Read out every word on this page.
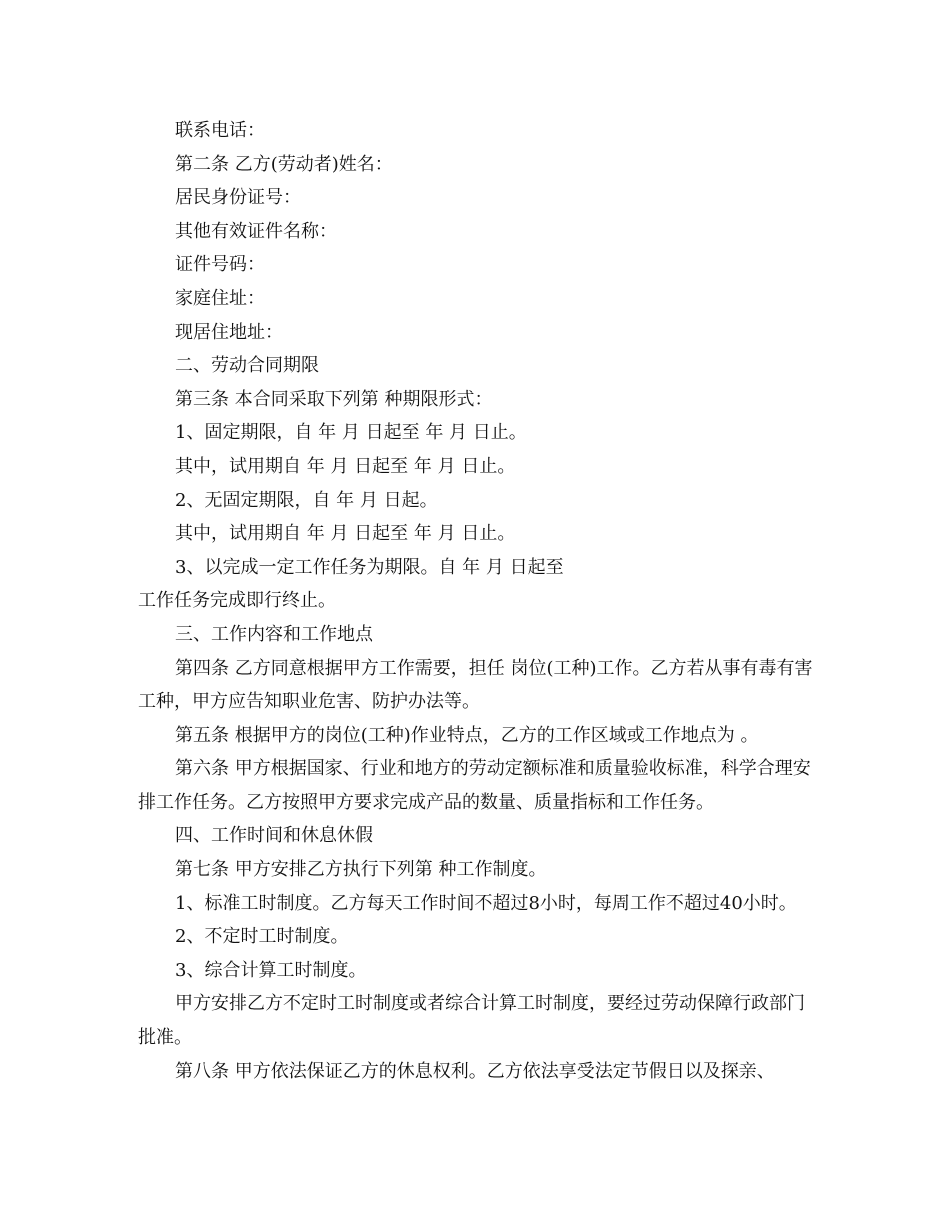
联系电话：

第二条 乙方(劳动者)姓名：

居民身份证号：

其他有效证件名称：

证件号码：

家庭住址：

现居住地址：

二、劳动合同期限

第三条 本合同采取下列第 种期限形式：

1、固定期限，自 年 月 日起至 年 月 日止。

其中，试用期自 年 月 日起至 年 月 日止。

2、无固定期限，自 年 月 日起。

其中，试用期自 年 月 日起至 年 月 日止。

3、以完成一定工作任务为期限。自 年 月 日起至

工作任务完成即行终止。

三、工作内容和工作地点

第四条 乙方同意根据甲方工作需要，担任 岗位(工种)工作。乙方若从事有毒有害工种，甲方应告知职业危害、防护办法等。

第五条 根据甲方的岗位(工种)作业特点，乙方的工作区域或工作地点为 。

第六条 甲方根据国家、行业和地方的劳动定额标准和质量验收标准，科学合理安排工作任务。乙方按照甲方要求完成产品的数量、质量指标和工作任务。

四、工作时间和休息休假

第七条 甲方安排乙方执行下列第 种工作制度。

1、标准工时制度。乙方每天工作时间不超过8小时，每周工作不超过40小时。

2、不定时工时制度。

3、综合计算工时制度。

甲方安排乙方不定时工时制度或者综合计算工时制度，要经过劳动保障行政部门批准。

第八条 甲方依法保证乙方的休息权利。乙方依法享受法定节假日以及探亲、
